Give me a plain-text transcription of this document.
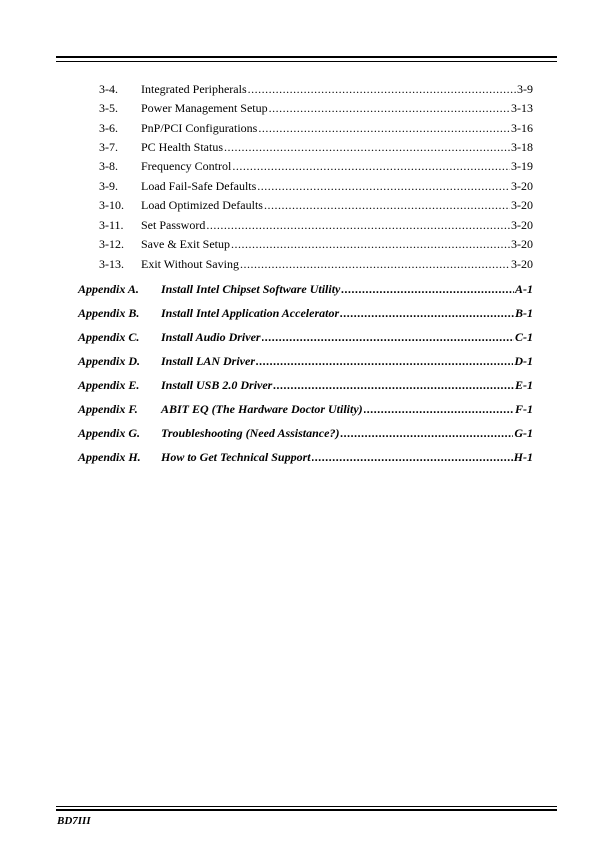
3-4.	Integrated Peripherals .....	3-9
3-5.	Power Management Setup .....	3-13
3-6.	PnP/PCI Configurations .....	3-16
3-7.	PC Health Status .....	3-18
3-8.	Frequency Control .....	3-19
3-9.	Load Fail-Safe Defaults .....	3-20
3-10.	Load Optimized Defaults .....	3-20
3-11.	Set Password .....	3-20
3-12.	Save & Exit Setup .....	3-20
3-13.	Exit Without Saving .....	3-20
Appendix A.	Install Intel Chipset Software Utility .....	A-1
Appendix B.	Install Intel Application Accelerator .....	B-1
Appendix C.	Install Audio Driver .....	C-1
Appendix D.	Install LAN Driver .....	D-1
Appendix E.	Install USB 2.0 Driver .....	E-1
Appendix F.	ABIT EQ (The Hardware Doctor Utility) .....	F-1
Appendix G.	Troubleshooting (Need Assistance?) .....	G-1
Appendix H.	How to Get Technical Support .....	H-1
BD7III
